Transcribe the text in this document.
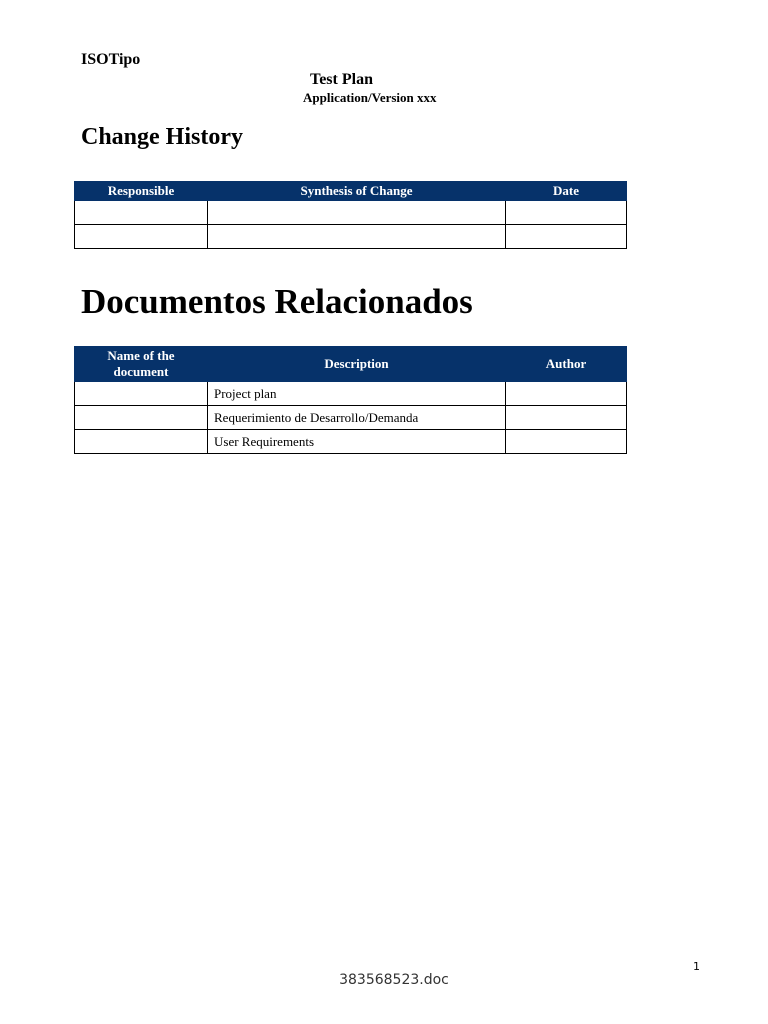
ISOTipo
Test Plan
Application/Version xxx
Change History
Responsible	Synthesis of Change	Date

Documentos Relacionados
Name of the document	Description	Author
	Project plan	
	Requerimiento de Desarrollo/Demanda	
	User Requirements	
1
383568523.doc
